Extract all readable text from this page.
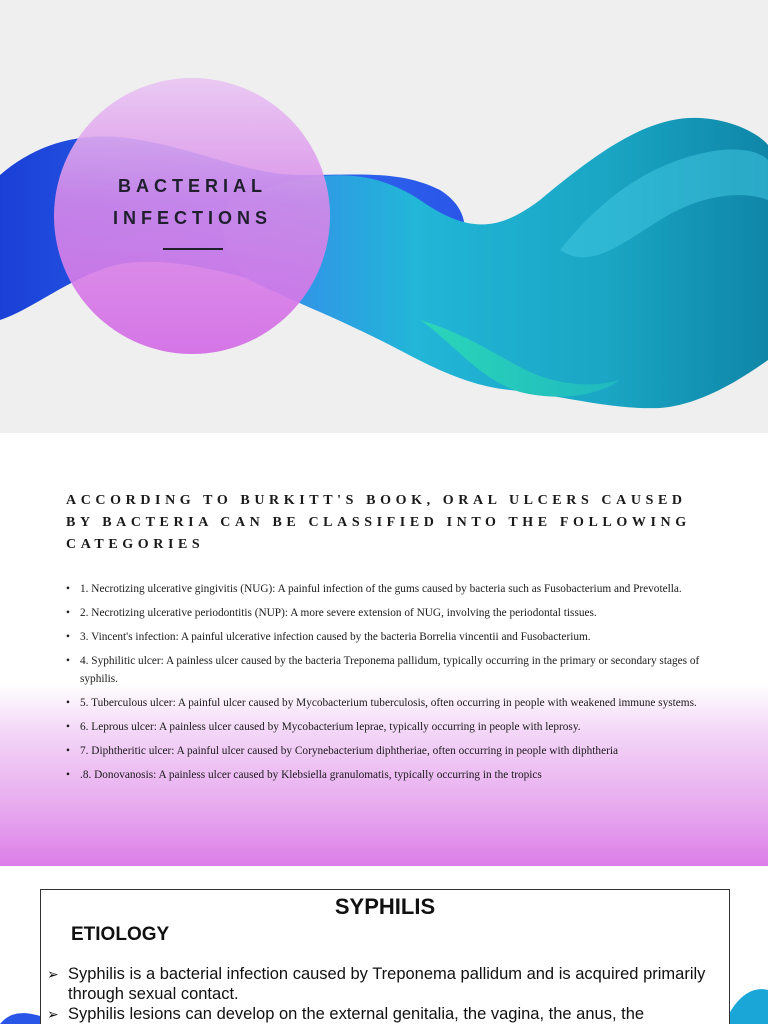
BACTERIAL
INFECTIONS
ACCORDING TO BURKITT'S BOOK, ORAL ULCERS CAUSED BY BACTERIA CAN BE CLASSIFIED INTO THE FOLLOWING CATEGORIES
• 1. Necrotizing ulcerative gingivitis (NUG): A painful infection of the gums caused by bacteria such as Fusobacterium and Prevotella.
• 2. Necrotizing ulcerative periodontitis (NUP): A more severe extension of NUG, involving the periodontal tissues.
• 3. Vincent's infection: A painful ulcerative infection caused by the bacteria Borrelia vincentii and Fusobacterium.
• 4. Syphilitic ulcer: A painless ulcer caused by the bacteria Treponema pallidum, typically occurring in the primary or secondary stages of syphilis.
• 5. Tuberculous ulcer: A painful ulcer caused by Mycobacterium tuberculosis, often occurring in people with weakened immune systems.
• 6. Leprous ulcer: A painless ulcer caused by Mycobacterium leprae, typically occurring in people with leprosy.
• 7. Diphtheritic ulcer: A painful ulcer caused by Corynebacterium diphtheriae, often occurring in people with diphtheria
• .8. Donovanosis: A painless ulcer caused by Klebsiella granulomatis, typically occurring in the tropics
SYPHILIS
ETIOLOGY
➢ Syphilis is a bacterial infection caused by Treponema pallidum and is acquired primarily through sexual contact.
➢ Syphilis lesions can develop on the external genitalia, the vagina, the anus, the
